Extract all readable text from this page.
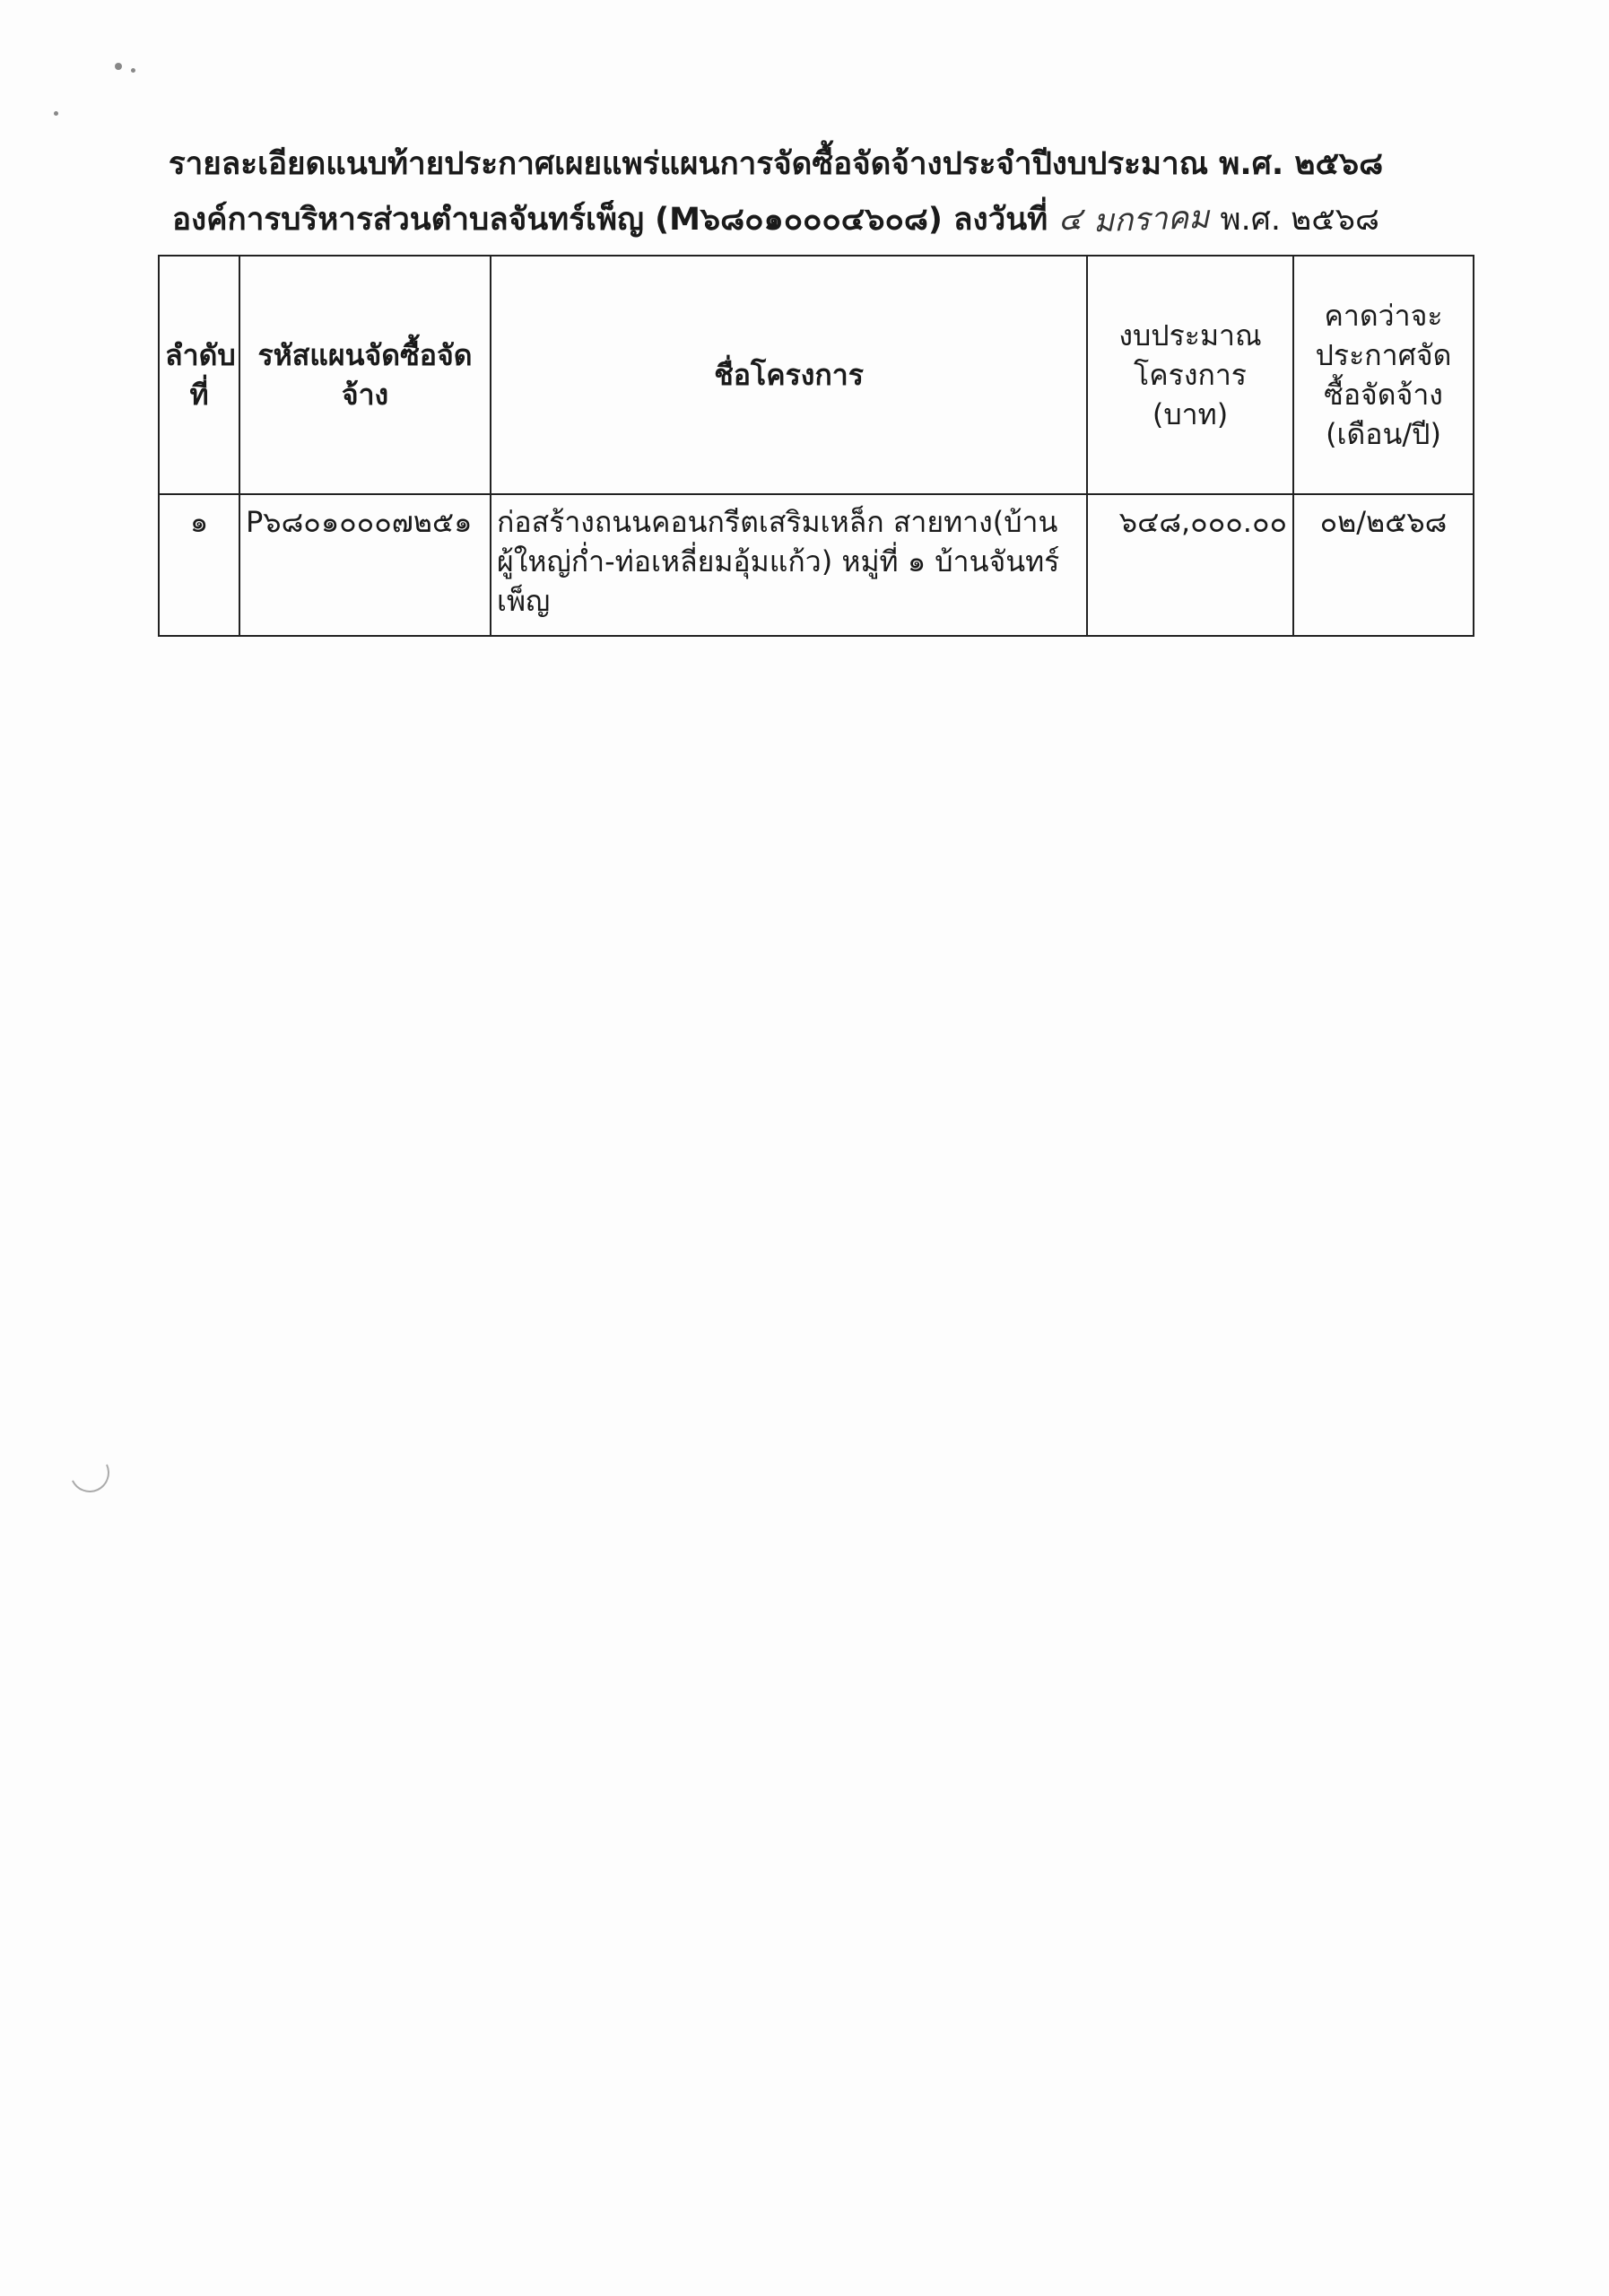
รายละเอียดแนบท้ายประกาศเผยแพร่แผนการจัดซื้อจัดจ้างประจำปีงบประมาณ พ.ศ. ๒๕๖๘
องค์การบริหารส่วนตำบลจันทร์เพ็ญ (M๖๘๐๑๐๐๐๔๖๐๘) ลงวันที่ ๔ มกราคม พ.ศ. ๒๕๖๘
ลำดับที่	รหัสแผนจัดซื้อจัดจ้าง	ชื่อโครงการ	งบประมาณโครงการ (บาท)	คาดว่าจะประกาศจัดซื้อจัดจ้าง (เดือน/ปี)
๑	P๖๘๐๑๐๐๐๗๒๕๑	ก่อสร้างถนนคอนกรีตเสริมเหล็ก สายทาง(บ้านผู้ใหญ่ก่ำ-ท่อเหลี่ยมอุ้มแก้ว) หมู่ที่ ๑ บ้านจันทร์เพ็ญ	๖๔๘,๐๐๐.๐๐	๐๒/๒๕๖๘
